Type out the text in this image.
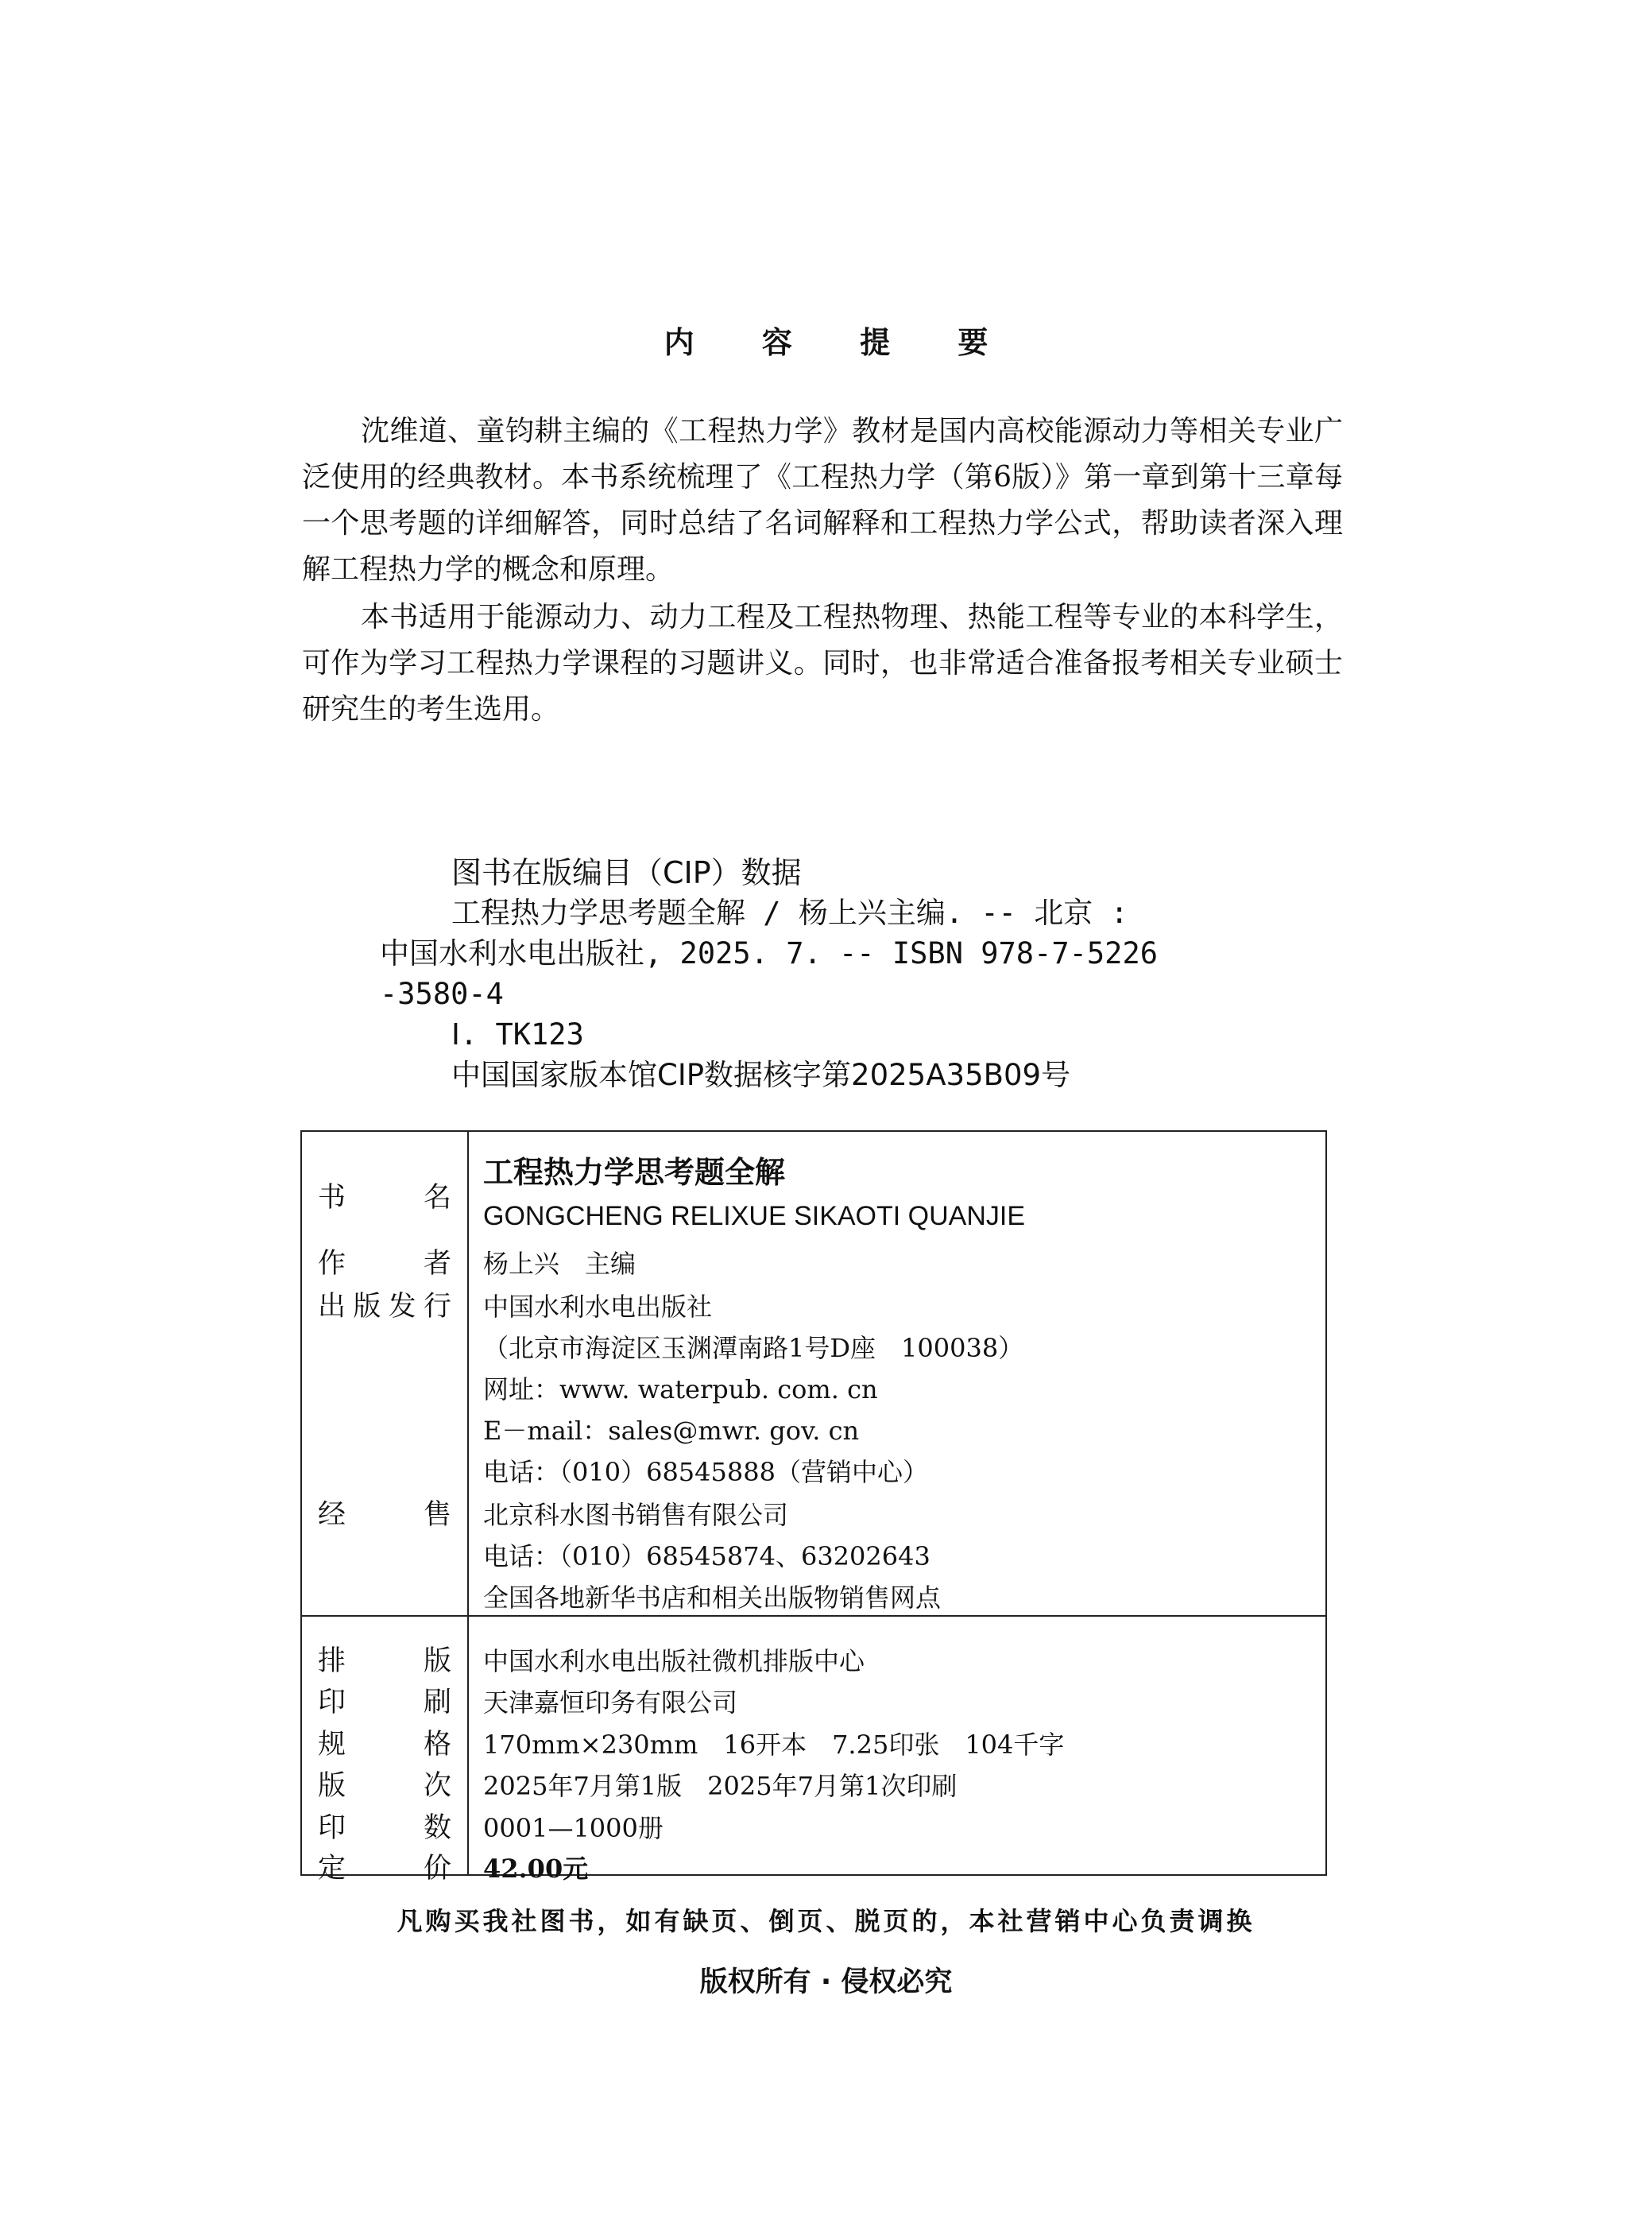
内 容 提 要

沈维道、童钧耕主编的《工程热力学》教材是国内高校能源动力等相关专业广泛使用的经典教材。本书系统梳理了《工程热力学（第6版）》第一章到第十三章每一个思考题的详细解答，同时总结了名词解释和工程热力学公式，帮助读者深入理解工程热力学的概念和原理。

本书适用于能源动力、动力工程及工程热物理、热能工程等专业的本科学生，可作为学习工程热力学课程的习题讲义。同时，也非常适合准备报考相关专业硕士研究生的考生选用。

图书在版编目（CIP）数据
工程热力学思考题全解 / 杨上兴主编. -- 北京 :
中国水利水电出版社, 2025. 7. -- ISBN 978-7-5226
-3580-4
Ⅰ. TK123
中国国家版本馆CIP数据核字第2025A35B09号
书名
作者
出版发行
经售
排版
印刷
规格
版次
印数
定价
工程热力学思考题全解
GONGCHENG RELIXUE SIKAOTI QUANJIE
杨上兴　主编
中国水利水电出版社
（北京市海淀区玉渊潭南路1号D座　100038）
网址：www. waterpub. com. cn
E－mail：sales@mwr. gov. cn
电话：（010）68545888（营销中心）
北京科水图书销售有限公司
电话：（010）68545874、63202643
全国各地新华书店和相关出版物销售网点
中国水利水电出版社微机排版中心
天津嘉恒印务有限公司
170mm×230mm　16开本　7.25印张　104千字
2025年7月第1版　2025年7月第1次印刷
0001—1000册
42.00元
凡购买我社图书，如有缺页、倒页、脱页的，本社营销中心负责调换
版权所有 · 侵权必究
